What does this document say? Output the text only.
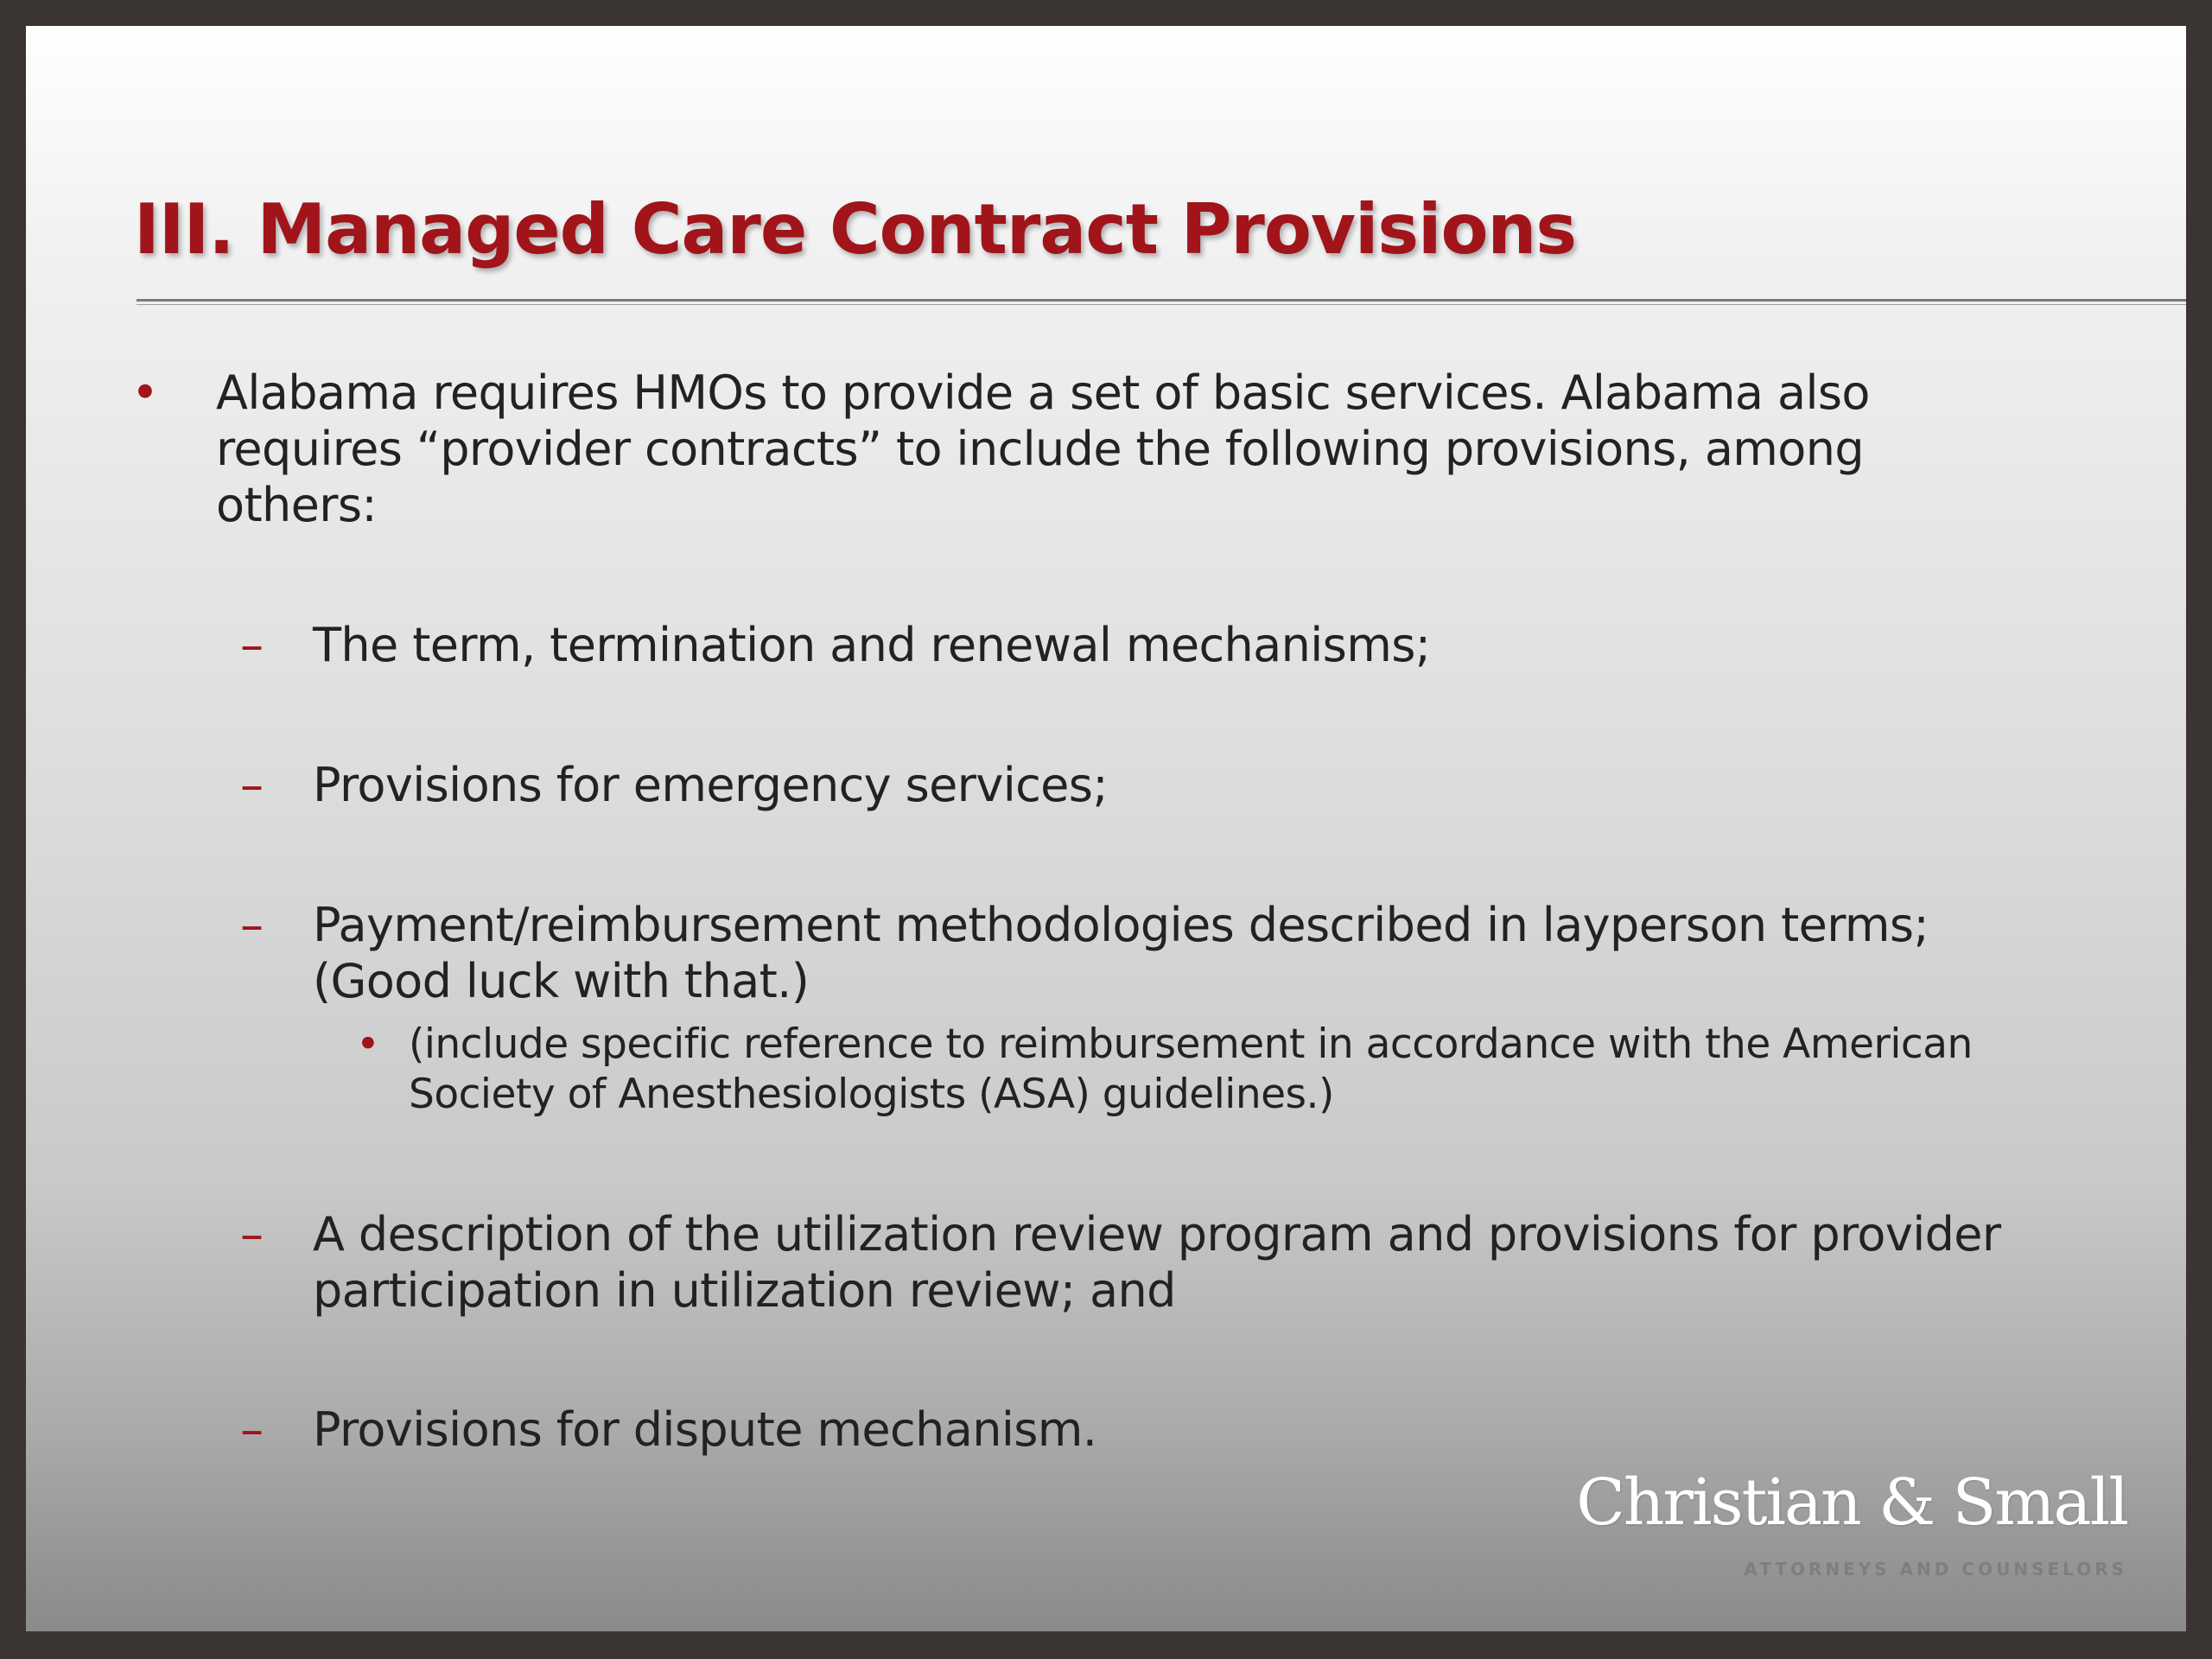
III. Managed Care Contract Provisions
• Alabama requires HMOs to provide a set of basic services. Alabama also
requires “provider contracts” to include the following provisions, among
others:
– The term, termination and renewal mechanisms;
– Provisions for emergency services;
– Payment/reimbursement methodologies described in layperson terms;
(Good luck with that.)
• (include specific reference to reimbursement in accordance with the American
Society of Anesthesiologists (ASA) guidelines.)
– A description of the utilization review program and provisions for provider
participation in utilization review; and
– Provisions for dispute mechanism.
Christian & Small
ATTORNEYS AND COUNSELORS
